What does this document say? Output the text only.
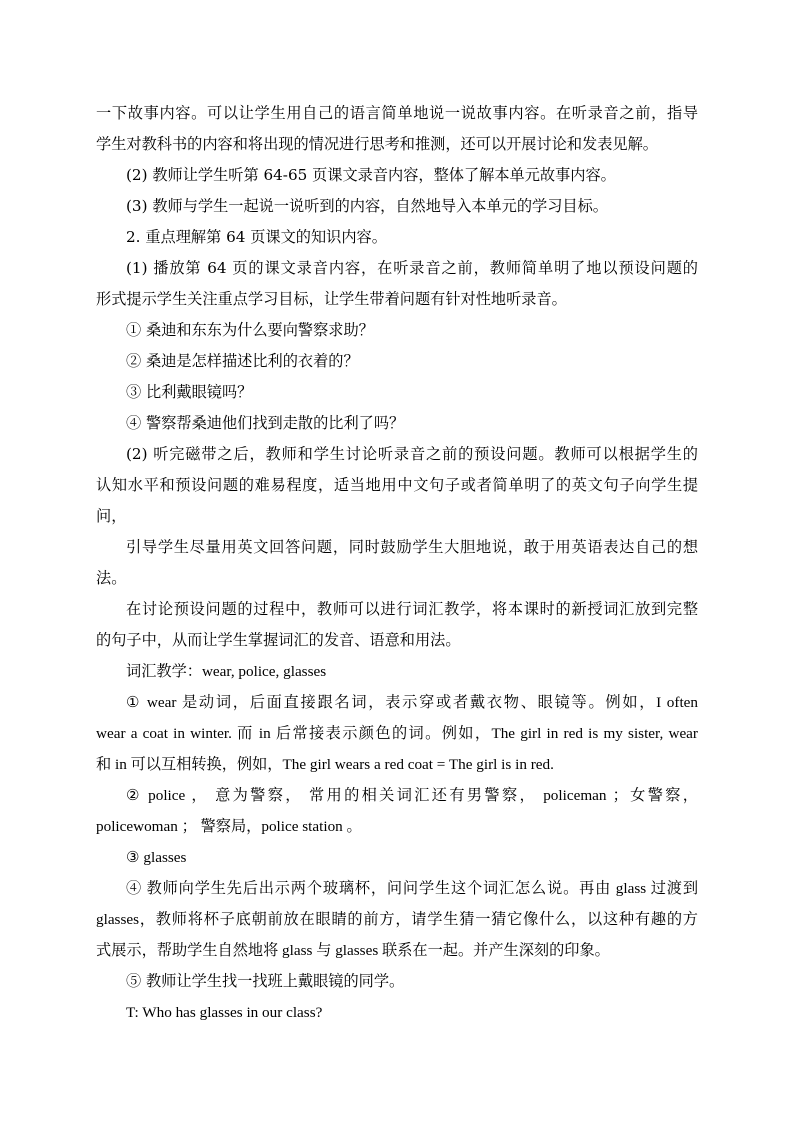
一下故事内容。可以让学生用自己的语言简单地说一说故事内容。在听录音之前，指导
学生对教科书的内容和将出现的情况进行思考和推测，还可以开展讨论和发表见解。
(2) 教师让学生听第 64-65 页课文录音内容，整体了解本单元故事内容。
(3) 教师与学生一起说一说听到的内容，自然地导入本单元的学习目标。
2. 重点理解第 64 页课文的知识内容。
(1) 播放第 64 页的课文录音内容，在听录音之前，教师简单明了地以预设问题的
形式提示学生关注重点学习目标，让学生带着问题有针对性地听录音。
① 桑迪和东东为什么要向警察求助？
② 桑迪是怎样描述比利的衣着的？
③ 比利戴眼镜吗？
④ 警察帮桑迪他们找到走散的比利了吗？
(2) 听完磁带之后，教师和学生讨论听录音之前的预设问题。教师可以根据学生的
认知水平和预设问题的难易程度，适当地用中文句子或者简单明了的英文句子向学生提
问，
引导学生尽量用英文回答问题，同时鼓励学生大胆地说，敢于用英语表达自己的想
法。
在讨论预设问题的过程中，教师可以进行词汇教学，将本课时的新授词汇放到完整
的句子中，从而让学生掌握词汇的发音、语意和用法。
词汇教学：wear, police, glasses
① wear 是动词，后面直接跟名词，表示穿或者戴衣物、眼镜等。例如，I often
wear a coat in winter. 而 in 后常接表示颜色的词。例如，The girl in red is my sister, wear
和 in 可以互相转换，例如，The girl wears a red coat = The girl is in red.
② police ， 意为警察， 常用的相关词汇还有男警察， policeman ；女警察，
policewoman ； 警察局，police station 。
③ glasses
④ 教师向学生先后出示两个玻璃杯，问问学生这个词汇怎么说。再由 glass 过渡到
glasses，教师将杯子底朝前放在眼睛的前方，请学生猜一猜它像什么，以这种有趣的方
式展示，帮助学生自然地将 glass 与 glasses 联系在一起。并产生深刻的印象。
⑤ 教师让学生找一找班上戴眼镜的同学。
T: Who has glasses in our class?
